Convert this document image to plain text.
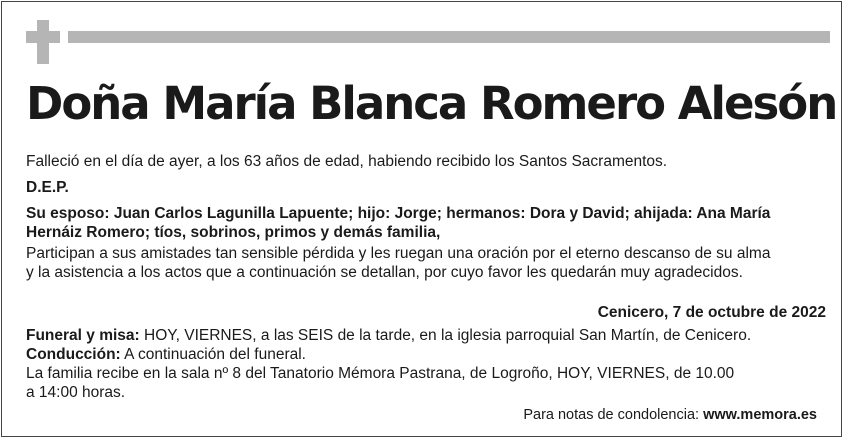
Doña María Blanca Romero Alesón

Falleció en el día de ayer, a los 63 años de edad, habiendo recibido los Santos Sacramentos.

D.E.P.

Su esposo: Juan Carlos Lagunilla Lapuente; hijo: Jorge; hermanos: Dora y David; ahijada: Ana María

Hernáiz Romero; tíos, sobrinos, primos y demás familia,

Participan a sus amistades tan sensible pérdida y les ruegan una oración por el eterno descanso de su alma

y la asistencia a los actos que a continuación se detallan, por cuyo favor les quedarán muy agradecidos.

Cenicero, 7 de octubre de 2022

Funeral y misa: HOY, VIERNES, a las SEIS de la tarde, en la iglesia parroquial San Martín, de Cenicero.

Conducción: A continuación del funeral.

La familia recibe en la sala nº 8 del Tanatorio Mémora Pastrana, de Logroño, HOY, VIERNES, de 10.00

a 14:00 horas.

Para notas de condolencia: www.memora.es
